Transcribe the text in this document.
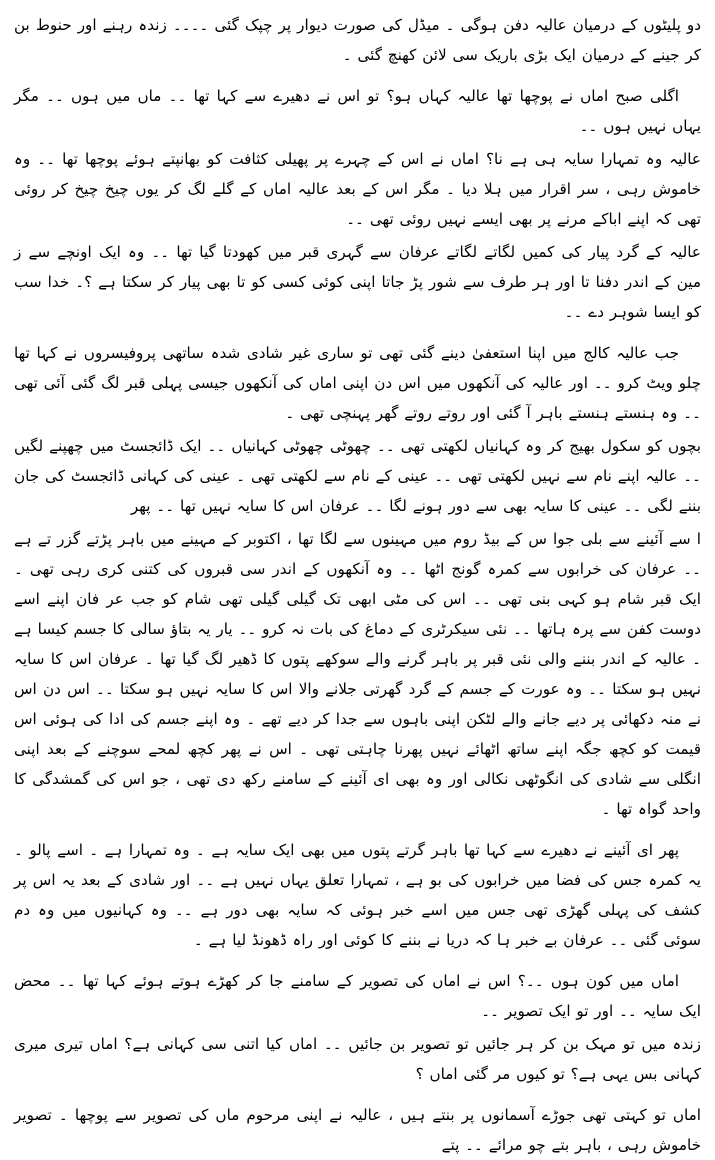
دو پلیٹوں کے درمیان عالیہ دفن ہوگی ۔ میڈل کی صورت دیوار پر چپک گئی ۔۔۔۔ زندہ رہنے اور حنوط بن کر جینے کے درمیان ایک بڑی باریک سی لائن کھنچ گئی ۔

اگلی صبح اماں نے پوچھا تھا عالیہ کہاں ہو؟ تو اس نے دھیرے سے کہا تھا ۔۔ ماں میں ہوں ۔۔ مگر یہاں نہیں ہوں ۔۔

عالیہ وہ تمہارا سایہ ہی ہے نا؟ اماں نے اس کے چہرے پر پھیلی کثافت کو بھانپتے ہوئے پوچھا تھا ۔۔ وہ خاموش رہی ، سر اقرار میں ہلا دیا ۔ مگر اس کے بعد عالیہ اماں کے گلے لگ کر یوں چیخ چیخ کر روئی تھی کہ اپنے اباکے مرنے پر بھی ایسے نہیں روئی تھی ۔۔

عالیہ کے گرد پیار کی کمیں لگاتے لگاتے عرفان سے گہری قبر میں کھودتا گیا تھا ۔۔ وہ ایک اونچے سے ز مین کے اندر دفنا تا اور ہر طرف سے شور پڑ جاتا اپنی کوئی کسی کو تا بھی پیار کر سکتا ہے ؟۔ خدا سب کو ایسا شوہر دے ۔۔

جب عالیہ کالج میں اپنا استعفیٰ دینے گئی تھی تو ساری غیر شادی شدہ ساتھی پروفیسروں نے کہا تھا چلو ویٹ کرو ۔۔ اور عالیہ کی آنکھوں میں اس دن اپنی اماں کی آنکھوں جیسی پہلی قبر لگ گئی آئی تھی ۔۔ وہ ہنستے ہنستے باہر آ گئی اور روتے روتے گھر پہنچی تھی ۔

بچوں کو سکول بھیج کر وہ کہانیاں لکھتی تھی ۔۔ چھوٹی چھوٹی کہانیاں ۔۔ ایک ڈائجسٹ میں چھپنے لگیں ۔۔ عالیہ اپنے نام سے نہیں لکھتی تھی ۔۔ عینی کے نام سے لکھتی تھی ۔ عینی کی کہانی ڈائجسٹ کی جان بننے لگی ۔۔ عینی کا سایہ بھی سے دور ہونے لگا ۔۔ عرفان اس کا سایہ نہیں تھا ۔۔ پھر

ا سے آئینے سے بلی جوا س کے بیڈ روم میں مہینوں سے لگا تھا ، اکتوبر کے مہینے میں باہر پڑتے گزر تے ہے ۔۔ عرفان کی خرابوں سے کمرہ گونج اٹھا ۔۔ وہ آنکھوں کے اندر سی قبروں کی کتنی کری رہی تھی ۔ ایک قبر شام ہو کہی بنی تھی ۔۔ اس کی مٹی ابھی تک گیلی گیلی تھی شام کو جب عر فان اپنے اسے دوست کفن سے پرہ ہاتھا ۔۔ نئی سیکرٹری کے دماغ کی بات نہ کرو ۔۔ یار یہ بتاؤ سالی کا جسم کیسا ہے ۔ عالیہ کے اندر بننے والی نئی قبر پر باہر گرنے والے سوکھے پتوں کا ڈھیر لگ گیا تھا ۔ عرفان اس کا سایہ نہیں ہو سکتا ۔۔ وہ عورت کے جسم کے گرد گھرتی جلانے والا اس کا سایہ نہیں ہو سکتا ۔۔ اس دن اس نے منہ دکھائی پر دیے جانے والے لٹکن اپنی باہوں سے جدا کر دیے تھے ۔ وہ اپنے جسم کی ادا کی ہوئی اس قیمت کو کچھ جگہ اپنے ساتھ اٹھائے نہیں پھرنا چاہتی تھی ۔ اس نے پھر کچھ لمحے سوچنے کے بعد اپنی انگلی سے شادی کی انگوٹھی نکالی اور وہ بھی ای آئینے کے سامنے رکھ دی تھی ، جو اس کی گمشدگی کا واحد گواہ تھا ۔

پھر ای آئینے نے دھیرے سے کہا تھا باہر گرتے پتوں میں بھی ایک سایہ ہے ۔ وہ تمہارا ہے ۔ اسے پالو ۔ یہ کمرہ جس کی فضا میں خرابوں کی بو ہے ، تمہارا تعلق یہاں نہیں ہے ۔۔ اور شادی کے بعد یہ اس پر کشف کی پہلی گھڑی تھی جس میں اسے خبر ہوئی کہ سایہ بھی دور ہے ۔۔ وہ کہانیوں میں وہ دم سوئی گئی ۔۔ عرفان بے خبر ہا کہ دریا نے بننے کا کوئی اور راہ ڈھونڈ لیا ہے ۔

اماں میں کون ہوں ۔۔؟ اس نے اماں کی تصویر کے سامنے جا کر کھڑے ہوتے ہوئے کہا تھا ۔۔ محض ایک سایہ ۔۔ اور تو ایک تصویر ۔۔

زندہ میں تو مہک بن کر ہر جائیں تو تصویر بن جائیں ۔۔ اماں کیا اتنی سی کہانی ہے؟ اماں تیری میری کہانی بس یہی ہے؟ تو کیوں مر گئی اماں ؟

اماں تو کہتی تھی جوڑے آسمانوں پر بنتے ہیں ، عالیہ نے اپنی مرحوم ماں کی تصویر سے پوچھا ۔ تصویر خاموش رہی ، باہر بتے چو مرائے ۔۔ پتے
